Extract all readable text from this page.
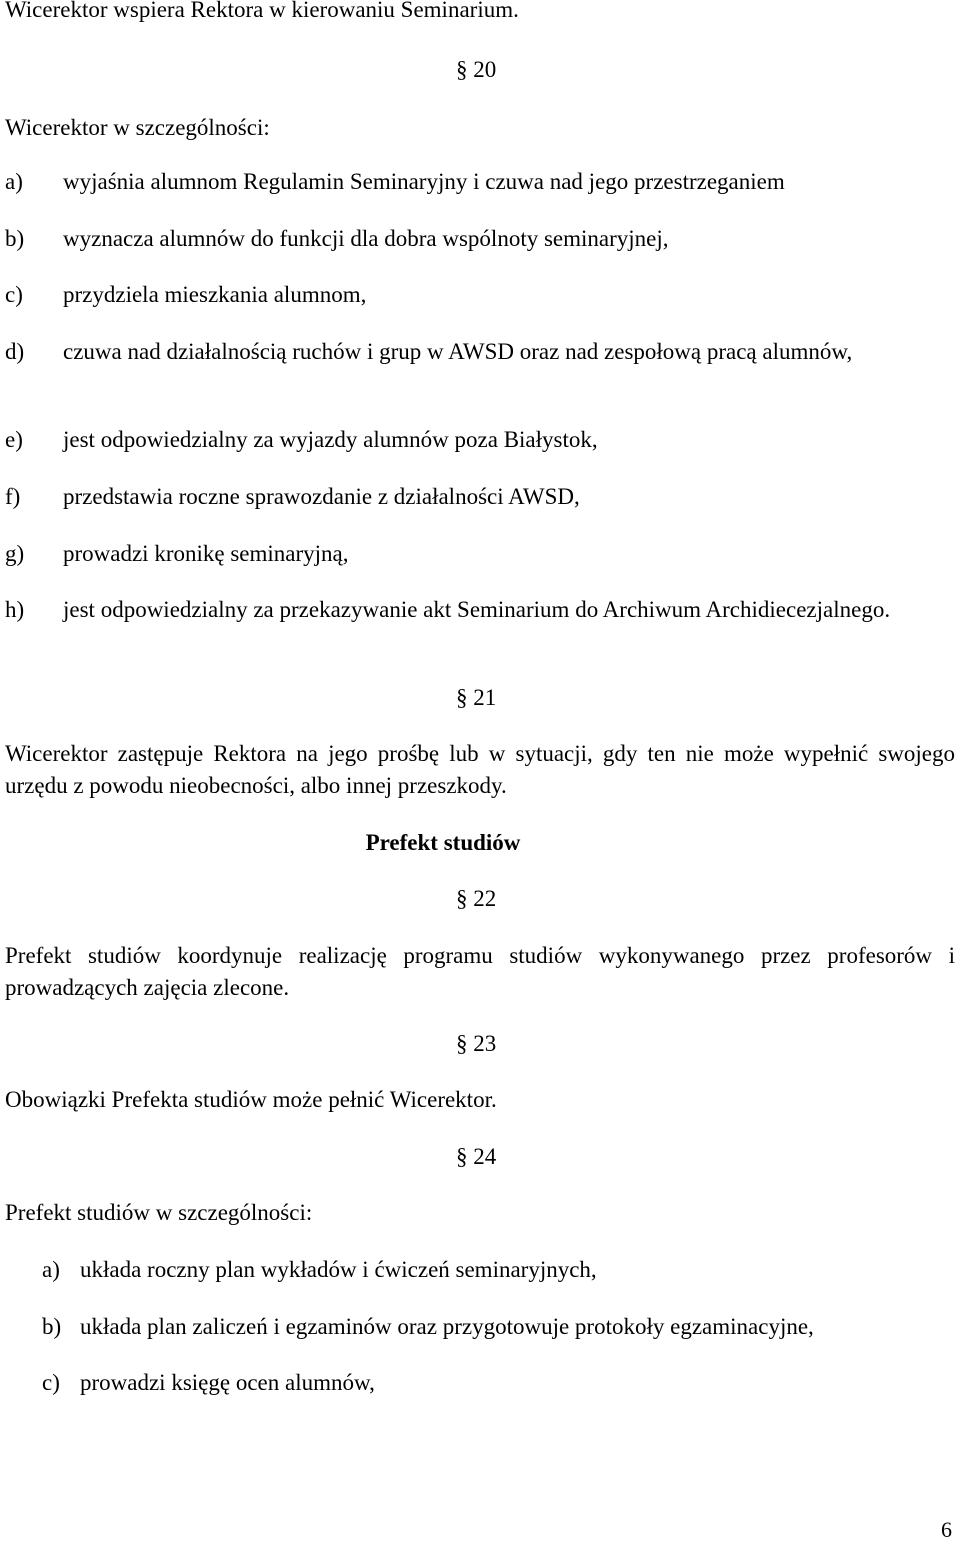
Wicerektor wspiera Rektora w kierowaniu Seminarium.
§ 20
Wicerektor w szczególności:
a) wyjaśnia alumnom Regulamin Seminaryjny i czuwa nad jego przestrzeganiem
b) wyznacza alumnów do funkcji dla dobra wspólnoty seminaryjnej,
c) przydziela mieszkania alumnom,
d) czuwa nad działalnością ruchów i grup w AWSD oraz nad zespołową pracą alumnów,
e) jest odpowiedzialny za wyjazdy alumnów poza Białystok,
f) przedstawia roczne sprawozdanie z działalności AWSD,
g) prowadzi kronikę seminaryjną,
h) jest odpowiedzialny za przekazywanie akt Seminarium do Archiwum Archidiecezjalnego.
§ 21
Wicerektor zastępuje Rektora na jego prośbę lub w sytuacji, gdy ten nie może wypełnić swojego urzędu z powodu nieobecności, albo innej przeszkody.
Prefekt studiów
§ 22
Prefekt studiów koordynuje realizację programu studiów wykonywanego przez profesorów i prowadzących zajęcia zlecone.
§ 23
Obowiązki Prefekta studiów może pełnić Wicerektor.
§ 24
Prefekt studiów w szczególności:
a) układa roczny plan wykładów i ćwiczeń seminaryjnych,
b) układa plan zaliczeń i egzaminów oraz przygotowuje protokoły egzaminacyjne,
c) prowadzi księgę ocen alumnów,
6
